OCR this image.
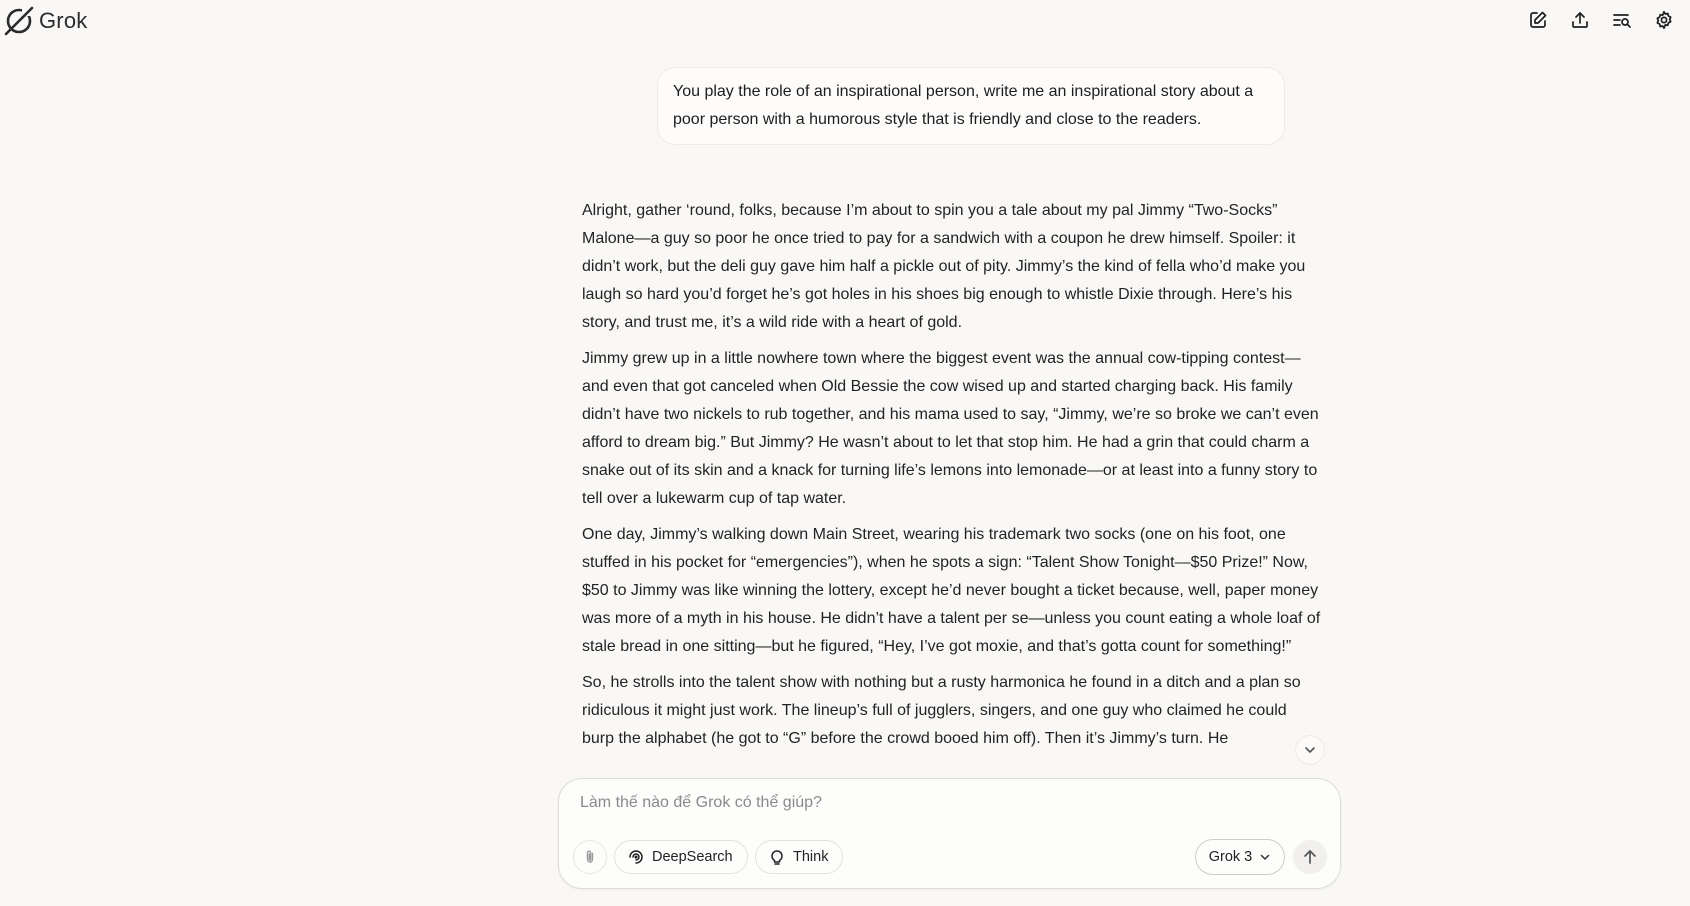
Grok
You play the role of an inspirational person, write me an inspirational story about a poor person with a humorous style that is friendly and close to the readers.

Alright, gather ‘round, folks, because I’m about to spin you a tale about my pal Jimmy “Two-Socks” Malone—a guy so poor he once tried to pay for a sandwich with a coupon he drew himself. Spoiler: it didn’t work, but the deli guy gave him half a pickle out of pity. Jimmy’s the kind of fella who’d make you laugh so hard you’d forget he’s got holes in his shoes big enough to whistle Dixie through. Here’s his story, and trust me, it’s a wild ride with a heart of gold.

Jimmy grew up in a little nowhere town where the biggest event was the annual cow-tipping contest—and even that got canceled when Old Bessie the cow wised up and started charging back. His family didn’t have two nickels to rub together, and his mama used to say, “Jimmy, we’re so broke we can’t even afford to dream big.” But Jimmy? He wasn’t about to let that stop him. He had a grin that could charm a snake out of its skin and a knack for turning life’s lemons into lemonade—or at least into a funny story to tell over a lukewarm cup of tap water.

One day, Jimmy’s walking down Main Street, wearing his trademark two socks (one on his foot, one stuffed in his pocket for “emergencies”), when he spots a sign: “Talent Show Tonight—$50 Prize!” Now, $50 to Jimmy was like winning the lottery, except he’d never bought a ticket because, well, paper money was more of a myth in his house. He didn’t have a talent per se—unless you count eating a whole loaf of stale bread in one sitting—but he figured, “Hey, I’ve got moxie, and that’s gotta count for something!”

So, he strolls into the talent show with nothing but a rusty harmonica he found in a ditch and a plan so ridiculous it might just work. The lineup’s full of jugglers, singers, and one guy who claimed he could burp the alphabet (he got to “G” before the crowd booed him off). Then it’s Jimmy’s turn. He

Làm thế nào để Grok có thể giúp?
DeepSearch	Think	Grok 3
